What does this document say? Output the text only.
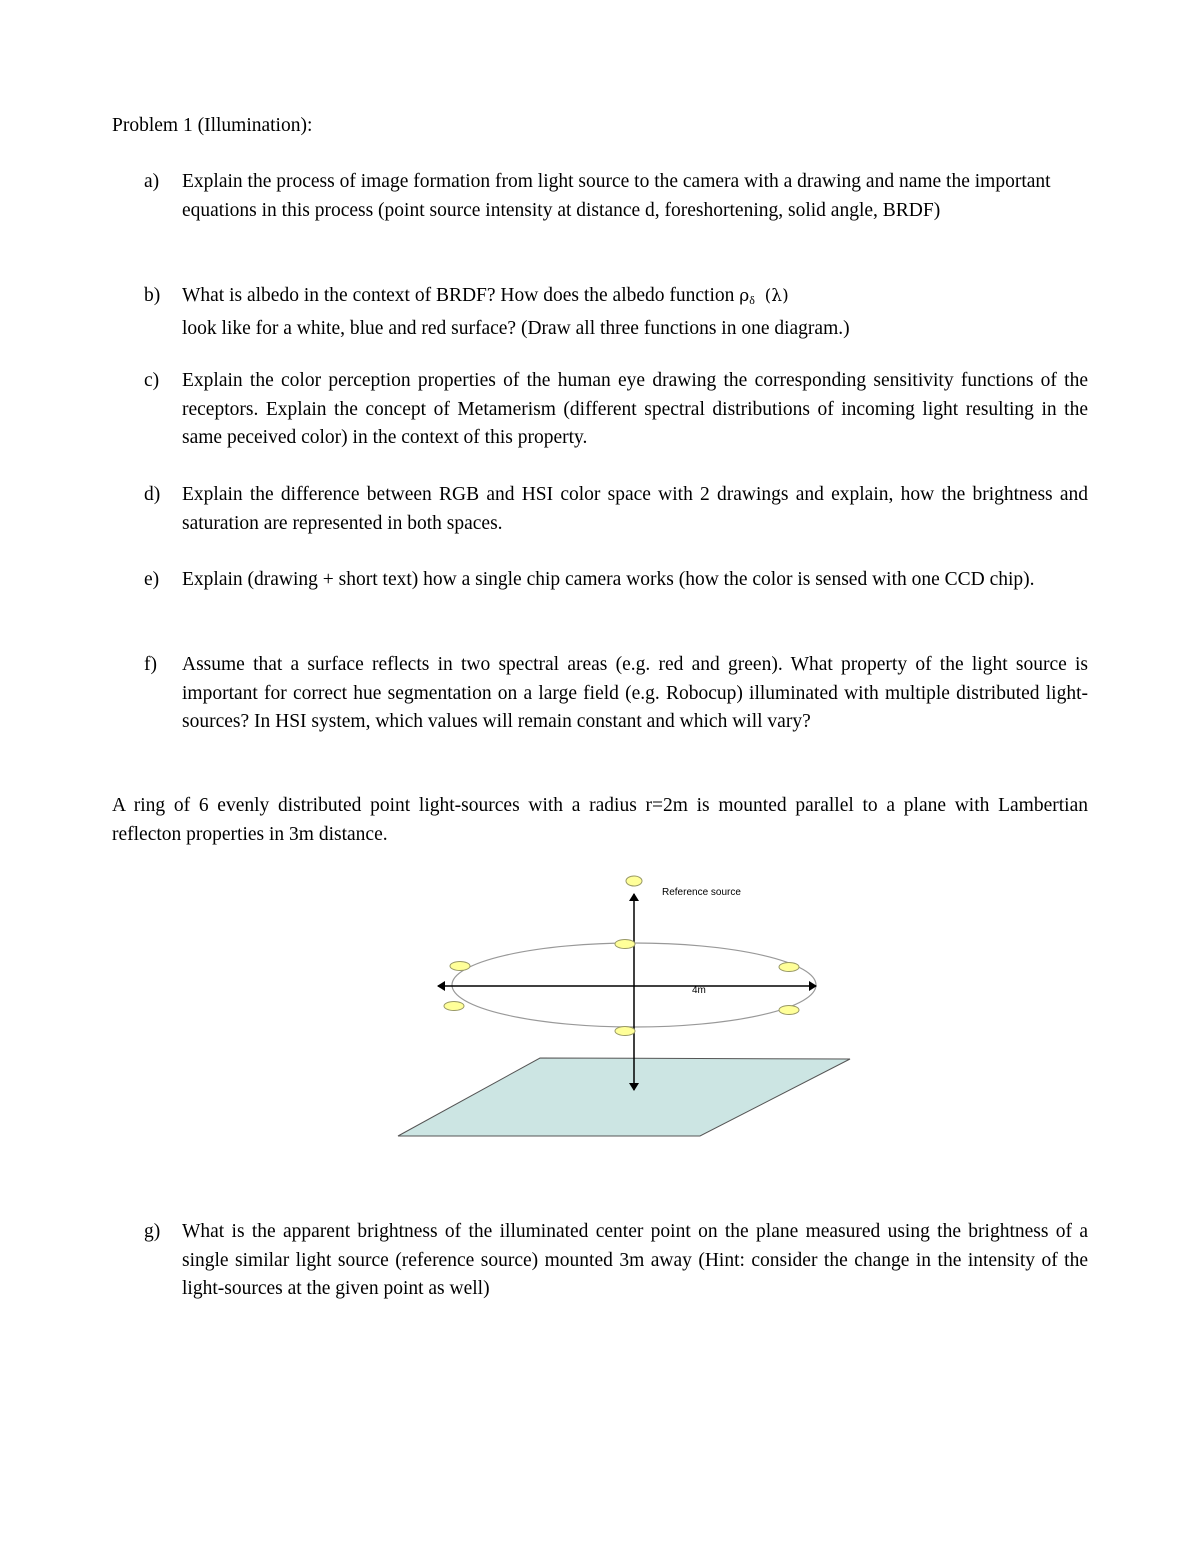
Problem 1 (Illumination):
a)	Explain the process of image formation from light source to the camera with a drawing and name the important equations in this process (point source intensity at distance d, foreshortening, solid angle, BRDF)
b)	What is albedo in the context of BRDF? How does the albedo function $\rho_\delta$ (λ)
look like for a white, blue and red surface? (Draw all three functions in one diagram.)
c)	Explain the color perception properties of the human eye drawing the corresponding sensitivity functions of the receptors. Explain the concept of Metamerism (different spectral distributions of incoming light resulting in the same peceived color) in the context of this property.
d)	Explain the difference between RGB and HSI color space with 2 drawings and explain, how the brightness and saturation are represented in both spaces.
e)	Explain (drawing + short text) how a single chip camera works (how the color is sensed with one CCD chip).
f)	Assume that a surface reflects in two spectral areas (e.g. red and green). What property of the light source is important for correct hue segmentation on a large field (e.g. Robocup) illuminated with multiple distributed light-sources? In HSI system, which values will remain constant and which will vary?
A ring of 6 evenly distributed point light-sources with a radius r=2m is mounted parallel to a plane with Lambertian reflecton properties in 3m distance.
Reference source
4m
g)	What is the apparent brightness of the illuminated center point on the plane measured using the brightness of a single similar light source (reference source) mounted 3m away (Hint: consider the change in the intensity of the light-sources at the given point as well)
